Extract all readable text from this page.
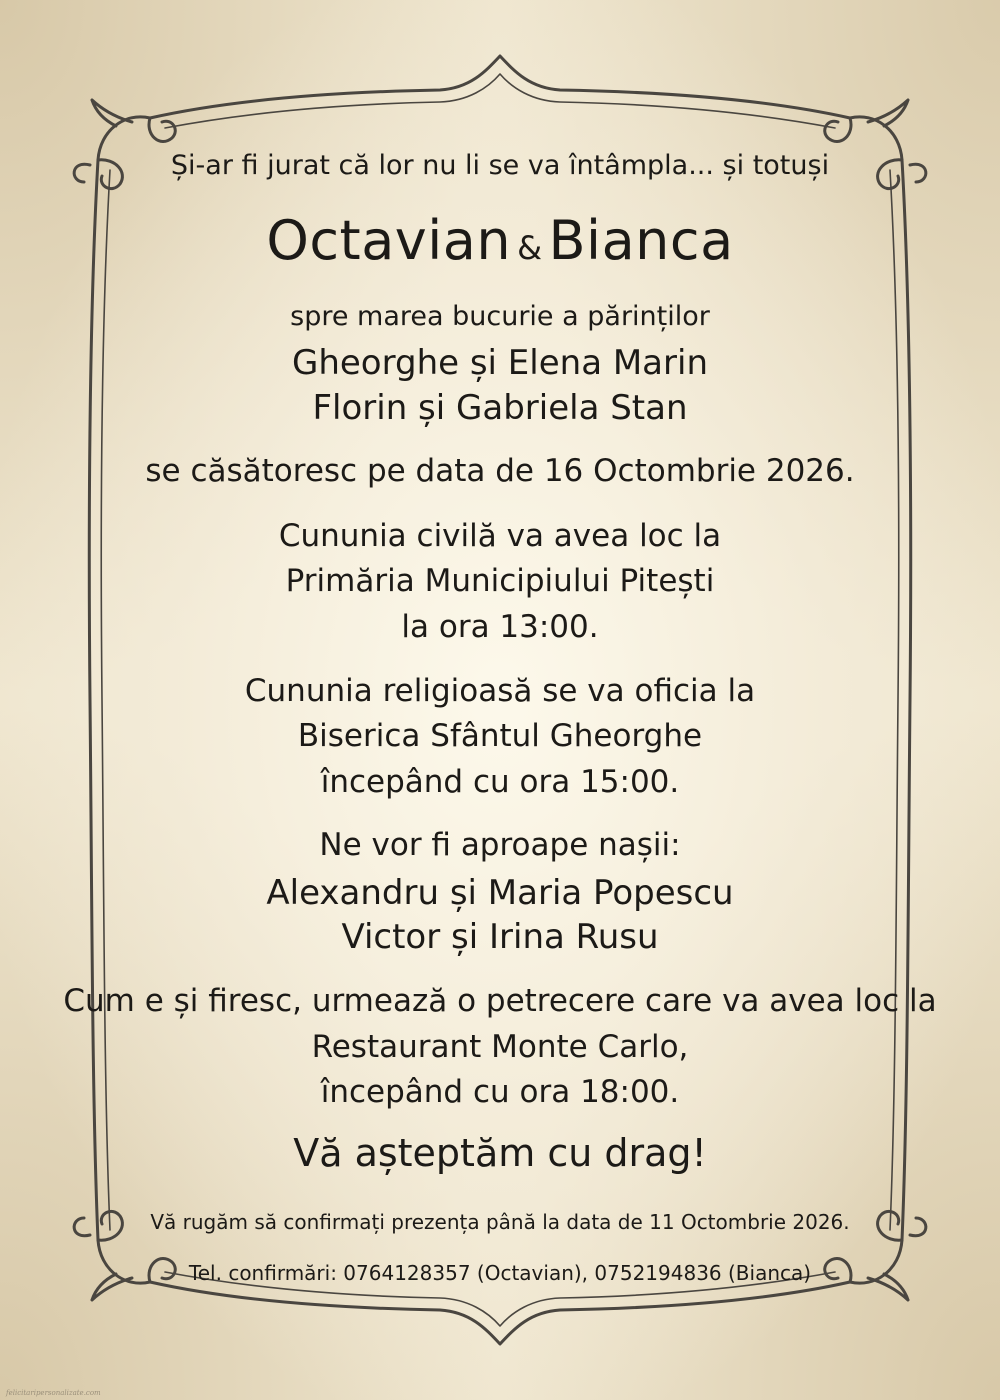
Și-ar fi jurat că lor nu li se va întâmpla... și totuși
Octavian & Bianca
spre marea bucurie a părinților
Gheorghe și Elena Marin
Florin și Gabriela Stan
se căsătoresc pe data de 16 Octombrie 2026.
Cununia civilă va avea loc la
Primăria Municipiului Pitești
la ora 13:00.
Cununia religioasă se va oficia la
Biserica Sfântul Gheorghe
începând cu ora 15:00.
Ne vor fi aproape nașii:
Alexandru și Maria Popescu
Victor și Irina Rusu
Cum e și firesc, urmează o petrecere care va avea loc la
Restaurant Monte Carlo,
începând cu ora 18:00.
Vă așteptăm cu drag!
Vă rugăm să confirmați prezența până la data de 11 Octombrie 2026.
Tel. confirmări: 0764128357 (Octavian), 0752194836 (Bianca)
felicitaripersonalizate.com
